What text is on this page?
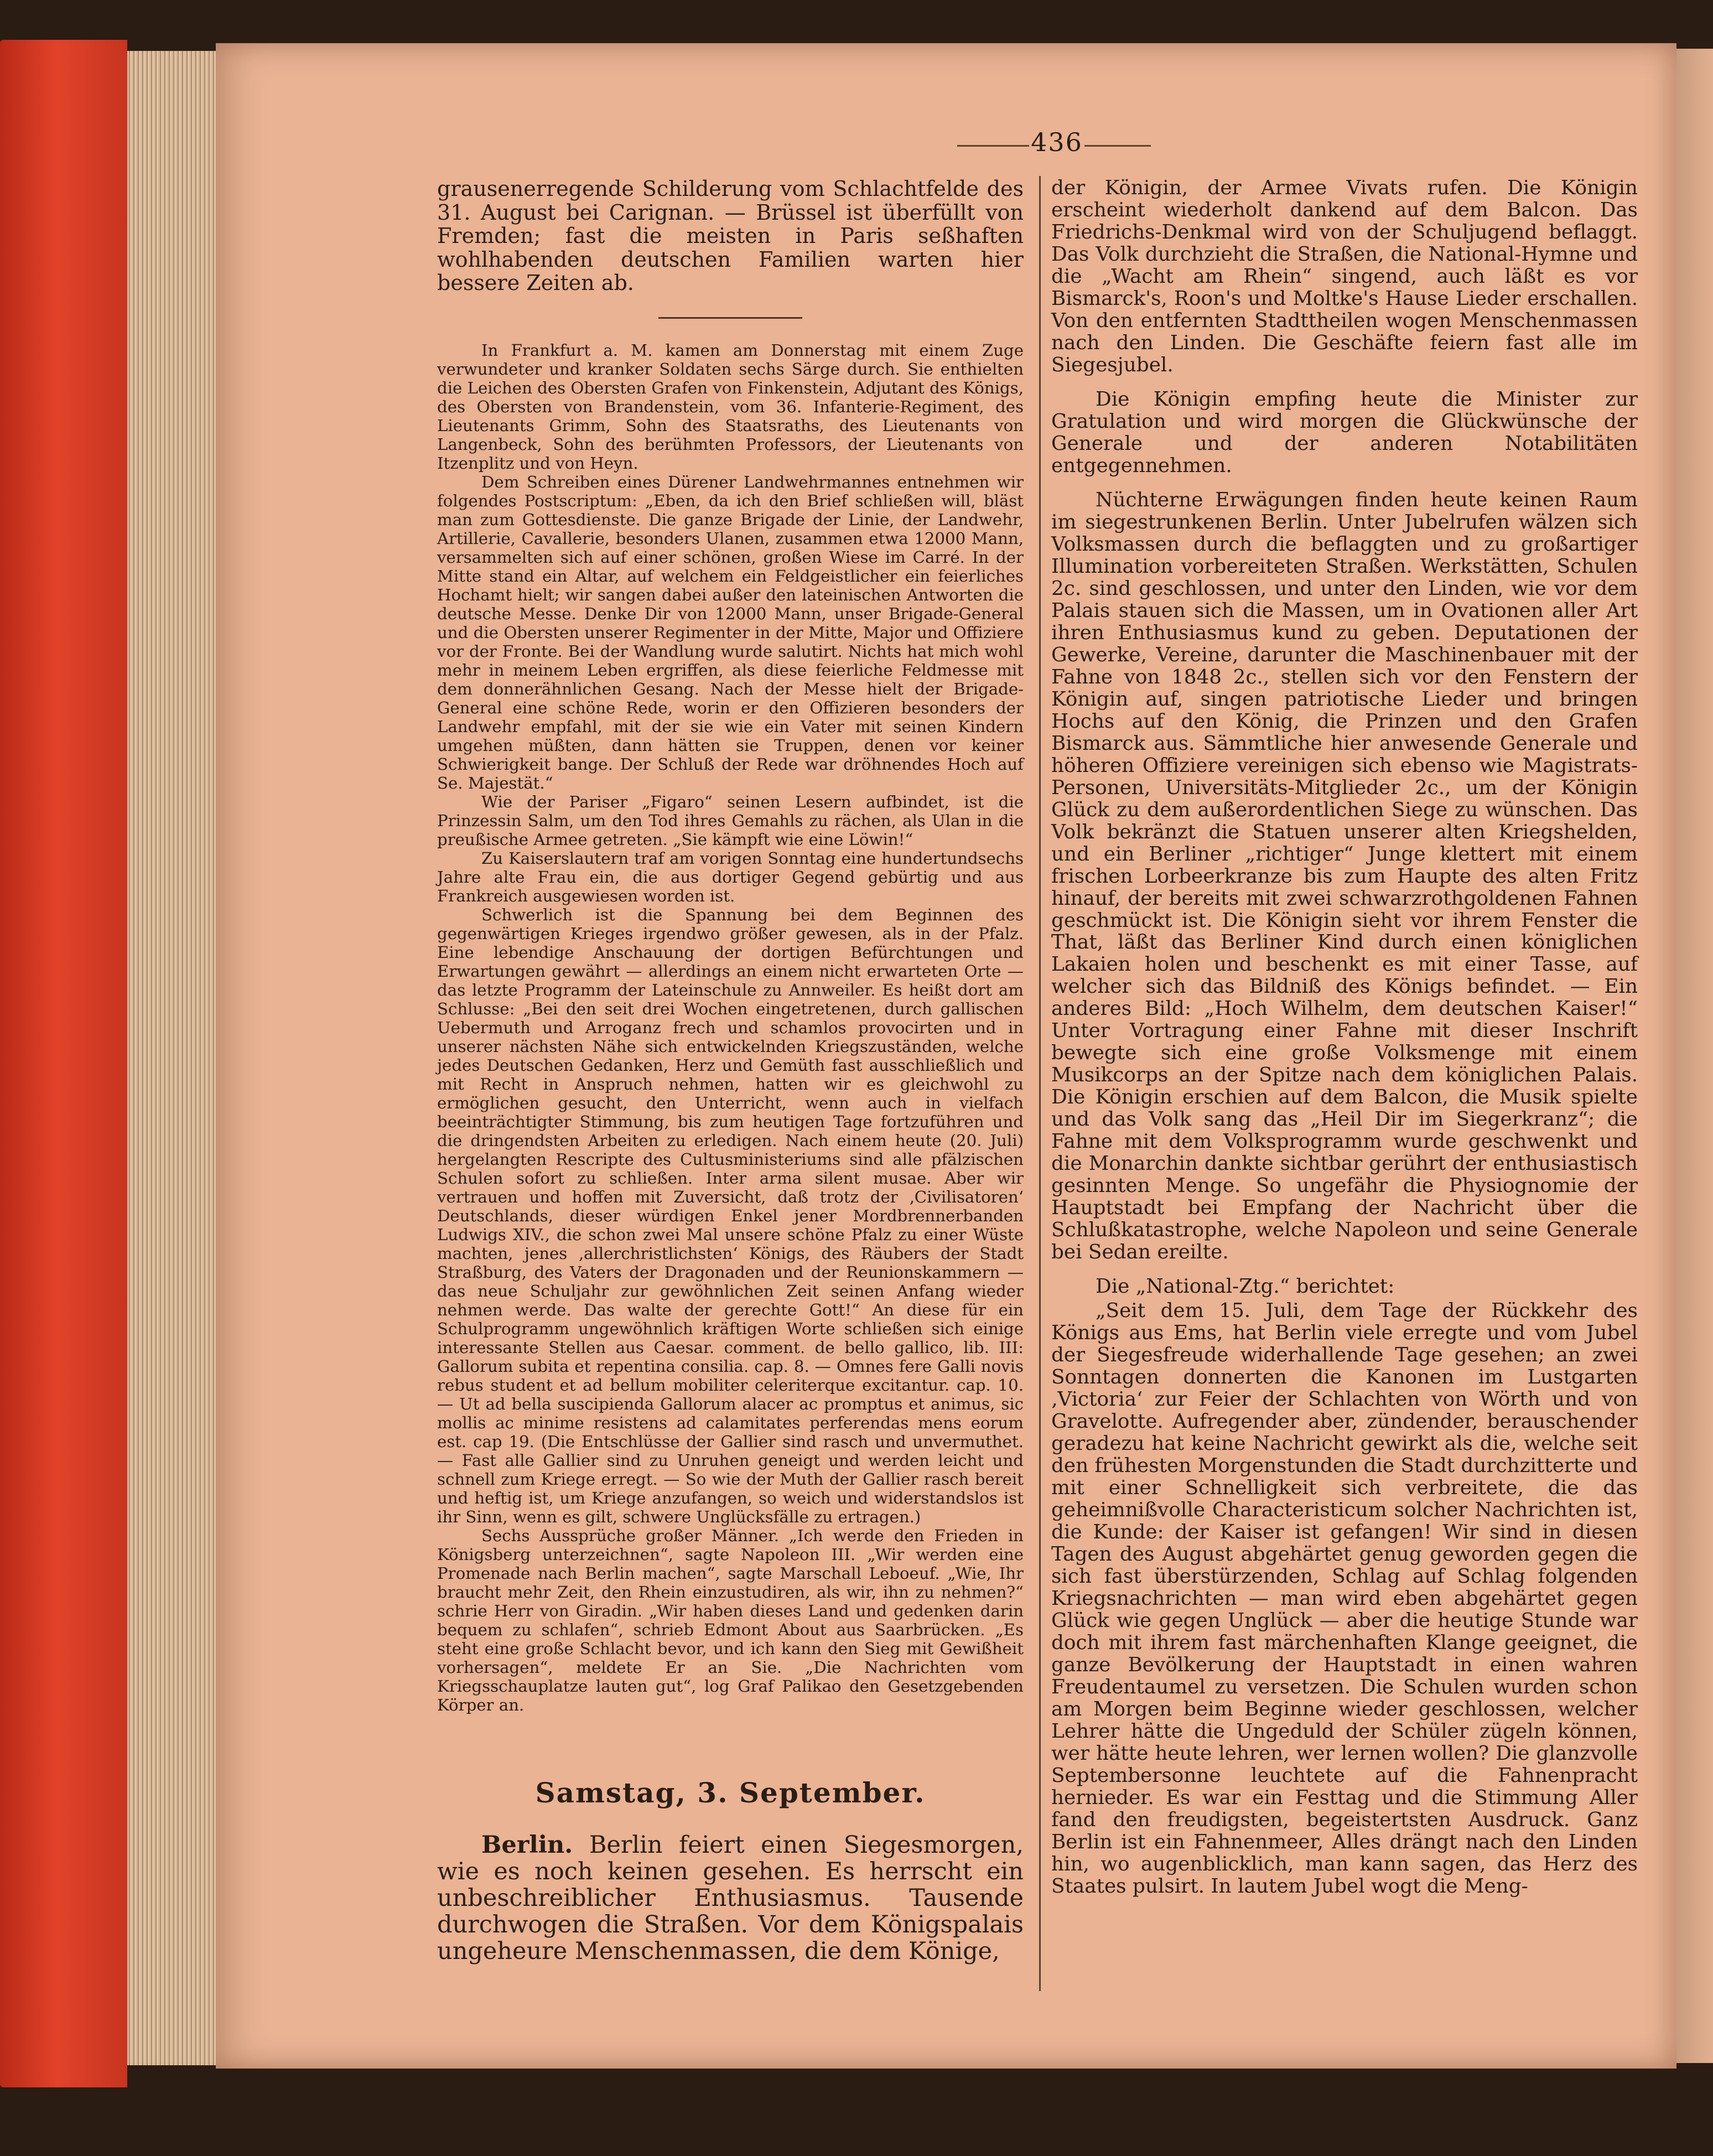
436

grausenerregende Schilderung vom Schlachtfelde des 31. August bei Carignan. — Brüssel ist überfüllt von Fremden; fast die meisten in Paris seßhaften wohlhabenden deutschen Familien warten hier bessere Zeiten ab.

In Frankfurt a. M. kamen am Donnerstag mit einem Zuge verwundeter und kranker Soldaten sechs Särge durch. Sie enthielten die Leichen des Obersten Grafen von Finkenstein, Adjutant des Königs, des Obersten von Brandenstein, vom 36. Infanterie-Regiment, des Lieutenants Grimm, Sohn des Staatsraths, des Lieutenants von Langenbeck, Sohn des berühmten Professors, der Lieutenants von Itzenplitz und von Heyn.

Dem Schreiben eines Dürener Landwehrmannes entnehmen wir folgendes Postscriptum: „Eben, da ich den Brief schließen will, bläst man zum Gottesdienste. Die ganze Brigade der Linie, der Landwehr, Artillerie, Cavallerie, besonders Ulanen, zusammen etwa 12000 Mann, versammelten sich auf einer schönen, großen Wiese im Carré. In der Mitte stand ein Altar, auf welchem ein Feldgeistlicher ein feierliches Hochamt hielt; wir sangen dabei außer den lateinischen Antworten die deutsche Messe. Denke Dir von 12000 Mann, unser Brigade-General und die Obersten unserer Regimenter in der Mitte, Major und Offiziere vor der Fronte. Bei der Wandlung wurde salutirt. Nichts hat mich wohl mehr in meinem Leben ergriffen, als diese feierliche Feldmesse mit dem donnerähnlichen Gesang. Nach der Messe hielt der Brigade-General eine schöne Rede, worin er den Offizieren besonders der Landwehr empfahl, mit der sie wie ein Vater mit seinen Kindern umgehen müßten, dann hätten sie Truppen, denen vor keiner Schwierigkeit bange. Der Schluß der Rede war dröhnendes Hoch auf Se. Majestät.“

Wie der Pariser „Figaro“ seinen Lesern aufbindet, ist die Prinzessin Salm, um den Tod ihres Gemahls zu rächen, als Ulan in die preußische Armee getreten. „Sie kämpft wie eine Löwin!“

Zu Kaiserslautern traf am vorigen Sonntag eine hundertundsechs Jahre alte Frau ein, die aus dortiger Gegend gebürtig und aus Frankreich ausgewiesen worden ist.

Schwerlich ist die Spannung bei dem Beginnen des gegenwärtigen Krieges irgendwo größer gewesen, als in der Pfalz. Eine lebendige Anschauung der dortigen Befürchtungen und Erwartungen gewährt — allerdings an einem nicht erwarteten Orte — das letzte Programm der Lateinschule zu Annweiler. Es heißt dort am Schlusse: „Bei den seit drei Wochen eingetretenen, durch gallischen Uebermuth und Arroganz frech und schamlos provocirten und in unserer nächsten Nähe sich entwickelnden Kriegszuständen, welche jedes Deutschen Gedanken, Herz und Gemüth fast ausschließlich und mit Recht in Anspruch nehmen, hatten wir es gleichwohl zu ermöglichen gesucht, den Unterricht, wenn auch in vielfach beeinträchtigter Stimmung, bis zum heutigen Tage fortzuführen und die dringendsten Arbeiten zu erledigen. Nach einem heute (20. Juli) hergelangten Rescripte des Cultusministeriums sind alle pfälzischen Schulen sofort zu schließen. Inter arma silent musae. Aber wir vertrauen und hoffen mit Zuversicht, daß trotz der ‚Civilisatoren‘ Deutschlands, dieser würdigen Enkel jener Mordbrennerbanden Ludwigs XIV., die schon zwei Mal unsere schöne Pfalz zu einer Wüste machten, jenes ‚allerchristlichsten‘ Königs, des Räubers der Stadt Straßburg, des Vaters der Dragonaden und der Reunionskammern — das neue Schuljahr zur gewöhnlichen Zeit seinen Anfang wieder nehmen werde. Das walte der gerechte Gott!“ An diese für ein Schulprogramm ungewöhnlich kräftigen Worte schließen sich einige interessante Stellen aus Caesar. comment. de bello gallico, lib. III: Gallorum subita et repentina consilia. cap. 8. — Omnes fere Galli novis rebus student et ad bellum mobiliter celeriterque excitantur. cap. 10. — Ut ad bella suscipienda Gallorum alacer ac promptus et animus, sic mollis ac minime resistens ad calamitates perferendas mens eorum est. cap 19. (Die Entschlüsse der Gallier sind rasch und unvermuthet. — Fast alle Gallier sind zu Unruhen geneigt und werden leicht und schnell zum Kriege erregt. — So wie der Muth der Gallier rasch bereit und heftig ist, um Kriege anzufangen, so weich und widerstandslos ist ihr Sinn, wenn es gilt, schwere Unglücksfälle zu ertragen.)

Sechs Aussprüche großer Männer. „Ich werde den Frieden in Königsberg unterzeichnen“, sagte Napoleon III. „Wir werden eine Promenade nach Berlin machen“, sagte Marschall Leboeuf. „Wie, Ihr braucht mehr Zeit, den Rhein einzustudiren, als wir, ihn zu nehmen?“ schrie Herr von Giradin. „Wir haben dieses Land und gedenken darin bequem zu schlafen“, schrieb Edmont About aus Saarbrücken. „Es steht eine große Schlacht bevor, und ich kann den Sieg mit Gewißheit vorhersagen“, meldete Er an Sie. „Die Nachrichten vom Kriegsschauplatze lauten gut“, log Graf Palikao den Gesetzgebenden Körper an.

Samstag, 3. September.

Berlin. Berlin feiert einen Siegesmorgen, wie es noch keinen gesehen. Es herrscht ein unbeschreiblicher Enthusiasmus. Tausende durchwogen die Straßen. Vor dem Königspalais ungeheure Menschenmassen, die dem Könige,

der Königin, der Armee Vivats rufen. Die Königin erscheint wiederholt dankend auf dem Balcon. Das Friedrichs-Denkmal wird von der Schuljugend beflaggt. Das Volk durchzieht die Straßen, die National-Hymne und die „Wacht am Rhein“ singend, auch läßt es vor Bismarck's, Roon's und Moltke's Hause Lieder erschallen. Von den entfernten Stadttheilen wogen Menschenmassen nach den Linden. Die Geschäfte feiern fast alle im Siegesjubel.

Die Königin empfing heute die Minister zur Gratulation und wird morgen die Glückwünsche der Generale und der anderen Notabilitäten entgegennehmen.

Nüchterne Erwägungen finden heute keinen Raum im siegestrunkenen Berlin. Unter Jubelrufen wälzen sich Volksmassen durch die beflaggten und zu großartiger Illumination vorbereiteten Straßen. Werkstätten, Schulen 2c. sind geschlossen, und unter den Linden, wie vor dem Palais stauen sich die Massen, um in Ovationen aller Art ihren Enthusiasmus kund zu geben. Deputationen der Gewerke, Vereine, darunter die Maschinenbauer mit der Fahne von 1848 2c., stellen sich vor den Fenstern der Königin auf, singen patriotische Lieder und bringen Hochs auf den König, die Prinzen und den Grafen Bismarck aus. Sämmtliche hier anwesende Generale und höheren Offiziere vereinigen sich ebenso wie Magistrats-Personen, Universitäts-Mitglieder 2c., um der Königin Glück zu dem außerordentlichen Siege zu wünschen. Das Volk bekränzt die Statuen unserer alten Kriegshelden, und ein Berliner „richtiger“ Junge klettert mit einem frischen Lorbeerkranze bis zum Haupte des alten Fritz hinauf, der bereits mit zwei schwarzrothgoldenen Fahnen geschmückt ist. Die Königin sieht vor ihrem Fenster die That, läßt das Berliner Kind durch einen königlichen Lakaien holen und beschenkt es mit einer Tasse, auf welcher sich das Bildniß des Königs befindet. — Ein anderes Bild: „Hoch Wilhelm, dem deutschen Kaiser!“ Unter Vortragung einer Fahne mit dieser Inschrift bewegte sich eine große Volksmenge mit einem Musikcorps an der Spitze nach dem königlichen Palais. Die Königin erschien auf dem Balcon, die Musik spielte und das Volk sang das „Heil Dir im Siegerkranz“; die Fahne mit dem Volksprogramm wurde geschwenkt und die Monarchin dankte sichtbar gerührt der enthusiastisch gesinnten Menge. So ungefähr die Physiognomie der Hauptstadt bei Empfang der Nachricht über die Schlußkatastrophe, welche Napoleon und seine Generale bei Sedan ereilte.

Die „National-Ztg.“ berichtet:

„Seit dem 15. Juli, dem Tage der Rückkehr des Königs aus Ems, hat Berlin viele erregte und vom Jubel der Siegesfreude widerhallende Tage gesehen; an zwei Sonntagen donnerten die Kanonen im Lustgarten ‚Victoria‘ zur Feier der Schlachten von Wörth und von Gravelotte. Aufregender aber, zündender, berauschender geradezu hat keine Nachricht gewirkt als die, welche seit den frühesten Morgenstunden die Stadt durchzitterte und mit einer Schnelligkeit sich verbreitete, die das geheimnißvolle Characteristicum solcher Nachrichten ist, die Kunde: der Kaiser ist gefangen! Wir sind in diesen Tagen des August abgehärtet genug geworden gegen die sich fast überstürzenden, Schlag auf Schlag folgenden Kriegsnachrichten — man wird eben abgehärtet gegen Glück wie gegen Unglück — aber die heutige Stunde war doch mit ihrem fast märchenhaften Klange geeignet, die ganze Bevölkerung der Hauptstadt in einen wahren Freudentaumel zu versetzen. Die Schulen wurden schon am Morgen beim Beginne wieder geschlossen, welcher Lehrer hätte die Ungeduld der Schüler zügeln können, wer hätte heute lehren, wer lernen wollen? Die glanzvolle Septembersonne leuchtete auf die Fahnenpracht hernieder. Es war ein Festtag und die Stimmung Aller fand den freudigsten, begeistertsten Ausdruck. Ganz Berlin ist ein Fahnenmeer, Alles drängt nach den Linden hin, wo augenblicklich, man kann sagen, das Herz des Staates pulsirt. In lautem Jubel wogt die Meng-
